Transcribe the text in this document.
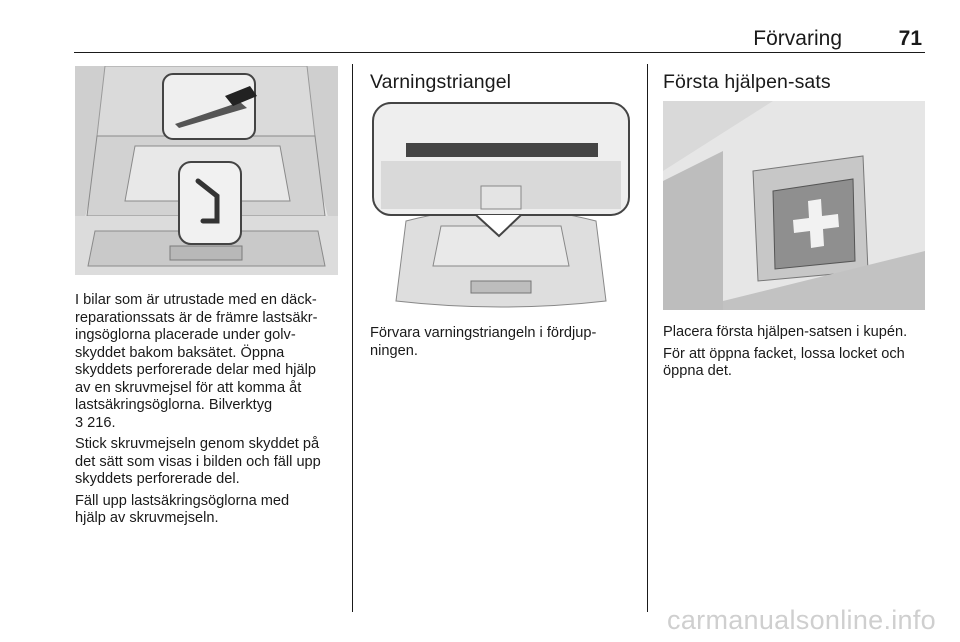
Förvaring	71

I bilar som är utrustade med en däck-
reparationssats är de främre lastsäkr-
ingsöglorna placerade under golv-
skyddet bakom baksätet. Öppna
skyddets perforerade delar med hjälp
av en skruvmejsel för att komma åt
lastsäkringsöglorna. Bilverktyg
3 216.

Stick skruvmejseln genom skyddet på
det sätt som visas i bilden och fäll upp
skyddets perforerade del.

Fäll upp lastsäkringsöglorna med
hjälp av skruvmejseln.

Varningstriangel

Förvara varningstriangeln i fördjup-
ningen.

Första hjälpen-sats

Placera första hjälpen-satsen i kupén.

För att öppna facket, lossa locket och
öppna det.

carmanualsonline.info
